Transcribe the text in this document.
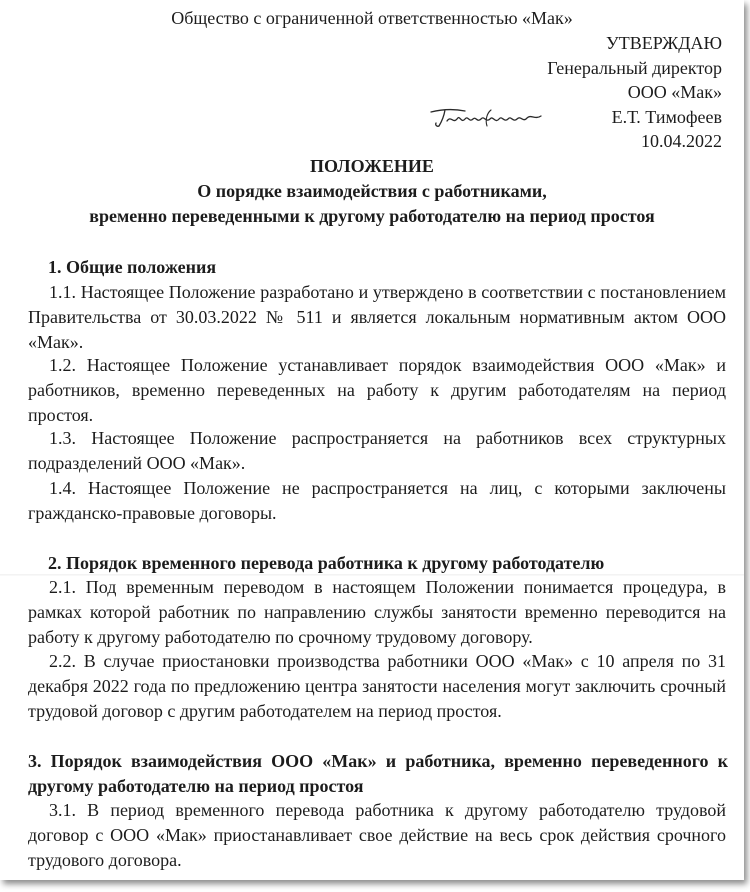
Общество с ограниченной ответственностью «Мак»
УТВЕРЖДАЮ
Генеральный директор
ООО «Мак»
Е.Т. Тимофеев
10.04.2022
ПОЛОЖЕНИЕ
О порядке взаимодействия с работниками,
временно переведенными к другому работодателю на период простоя
1. Общие положения
1.1. Настоящее Положение разработано и утверждено в соответствии с постановлением Правительства от 30.03.2022 № 511 и является локальным нормативным актом ООО «Мак».
1.2. Настоящее Положение устанавливает порядок взаимодействия ООО «Мак» и работников, временно переведенных на работу к другим работодателям на период простоя.
1.3. Настоящее Положение распространяется на работников всех структурных подразделений ООО «Мак».
1.4. Настоящее Положение не распространяется на лиц, с которыми заключены гражданско-правовые договоры.
2. Порядок временного перевода работника к другому работодателю
2.1. Под временным переводом в настоящем Положении понимается процедура, в рамках которой работник по направлению службы занятости временно переводится на работу к другому работодателю по срочному трудовому договору.
2.2. В случае приостановки производства работники ООО «Мак» с 10 апреля по 31 декабря 2022 года по предложению центра занятости населения могут заключить срочный трудовой договор с другим работодателем на период простоя.
3. Порядок взаимодействия ООО «Мак» и работника, временно переведенного к другому работодателю на период простоя
3.1. В период временного перевода работника к другому работодателю трудовой договор с ООО «Мак» приостанавливает свое действие на весь срок действия срочного трудового договора.
